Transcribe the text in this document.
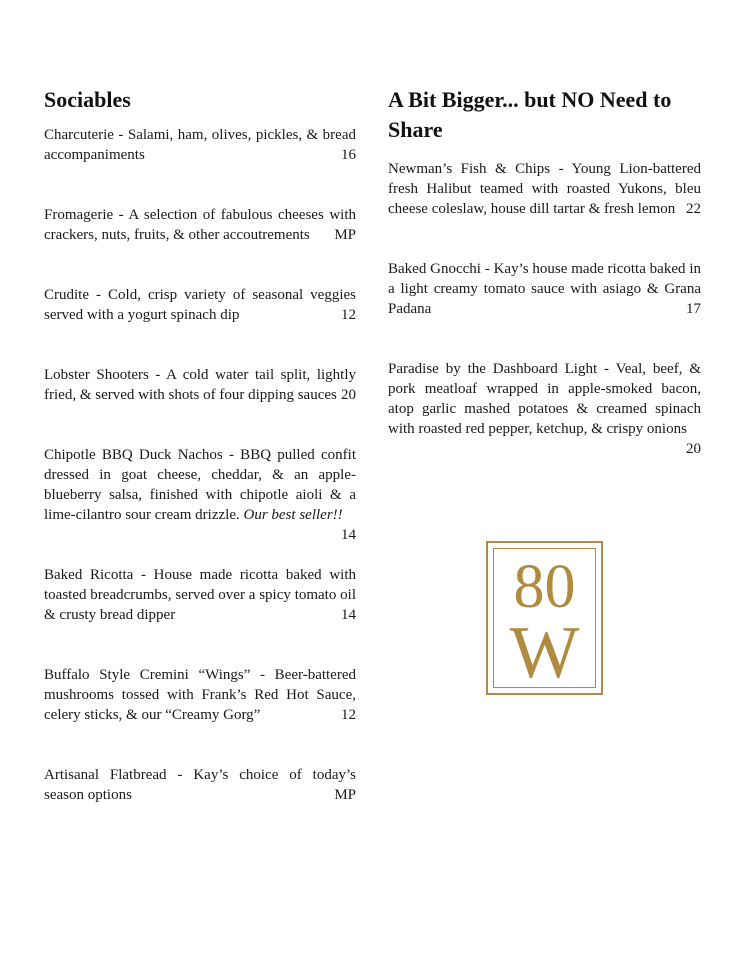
Sociables
Charcuterie - Salami, ham, olives, pickles, & bread accompaniments	16
Fromagerie - A selection of fabulous cheeses with crackers, nuts, fruits, & other accoutrements MP
Crudite - Cold, crisp variety of seasonal veggies served with a yogurt spinach dip	12
Lobster Shooters - A cold water tail split, lightly fried, & served with shots of four dipping sauces 20
Chipotle BBQ Duck Nachos - BBQ pulled confit dressed in goat cheese, cheddar, & an apple-blueberry salsa, finished with chipotle aioli & a lime-cilantro sour cream drizzle. Our best seller!!
14
Baked Ricotta - House made ricotta baked with toasted breadcrumbs, served over a spicy tomato oil & crusty bread dipper	14
Buffalo Style Cremini “Wings” - Beer-battered mushrooms tossed with Frank’s Red Hot Sauce, celery sticks, & our “Creamy Gorg”	12
Artisanal Flatbread - Kay’s choice of today’s season options	MP
A Bit Bigger... but NO Need to Share
Newman’s Fish & Chips - Young Lion-battered fresh Halibut teamed with roasted Yukons, bleu cheese coleslaw, house dill tartar & fresh lemon 22
Baked Gnocchi - Kay’s house made ricotta baked in a light creamy tomato sauce with asiago & Grana Padana	17
Paradise by the Dashboard Light - Veal, beef, & pork meatloaf wrapped in apple-smoked bacon, atop garlic mashed potatoes & creamed spinach with roasted red pepper, ketchup, & crispy onions
20
80
W
